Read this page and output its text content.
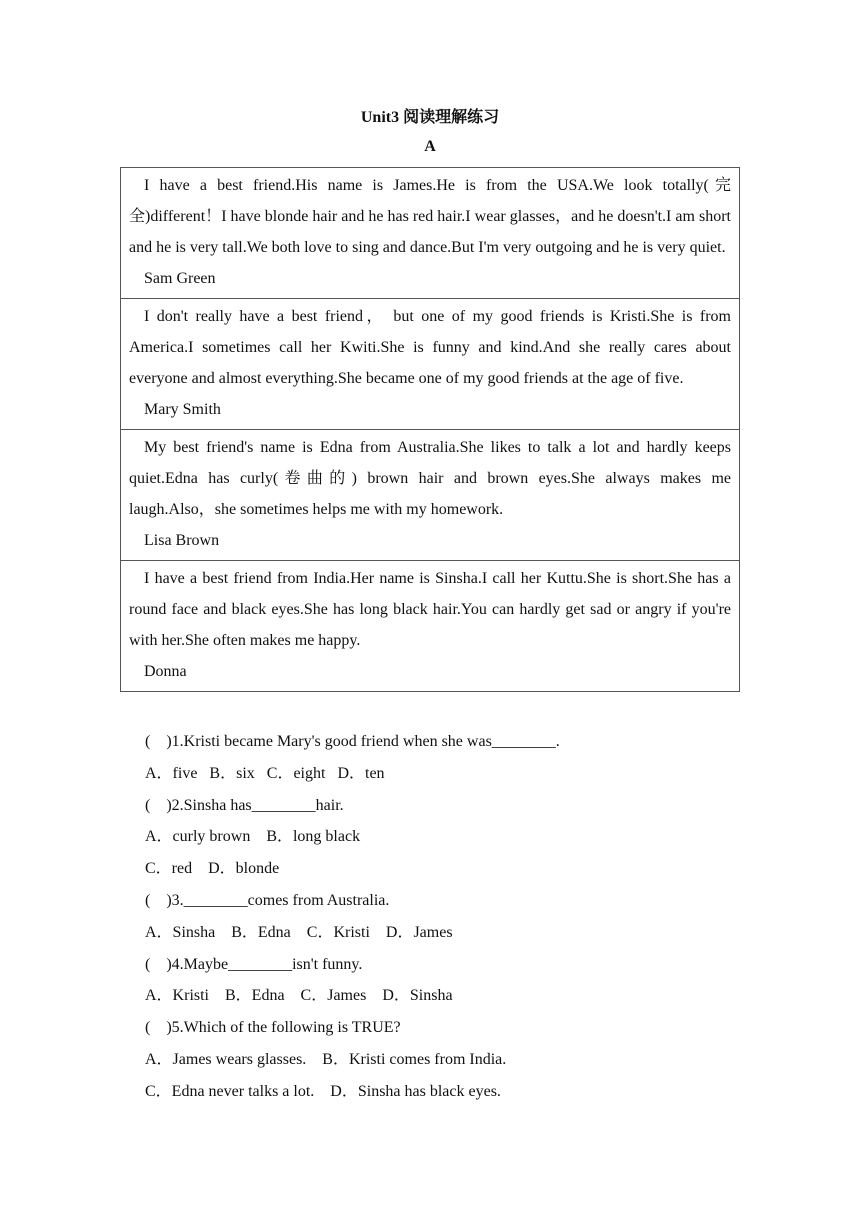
Unit3 阅读理解练习
A
I have a best friend.His name is James.He is from the USA.We look totally(完全)different！I have blonde hair and he has red hair.I wear glasses，and he doesn't.I am short and he is very tall.We both love to sing and dance.But I'm very outgoing and he is very quiet.
Sam Green
I don't really have a best friend， but one of my good friends is Kristi.She is from America.I sometimes call her Kwiti.She is funny and kind.And she really cares about everyone and almost everything.She became one of my good friends at the age of five.
Mary Smith
My best friend's name is Edna from Australia.She likes to talk a lot and hardly keeps quiet.Edna has curly(卷曲的) brown hair and brown eyes.She always makes me laugh.Also，she sometimes helps me with my homework.
Lisa Brown
I have a best friend from India.Her name is Sinsha.I call her Kuttu.She is short.She has a round face and black eyes.She has long black hair.You can hardly get sad or angry if you're with her.She often makes me happy.
Donna
(    )1.Kristi became Mary's good friend when she was________.
A．five   B．six   C．eight   D．ten
(    )2.Sinsha has________hair.
A．curly brown    B．long black
C．red    D．blonde
(    )3.________comes from Australia.
A．Sinsha    B．Edna    C．Kristi    D．James
(    )4.Maybe________isn't funny.
A．Kristi    B．Edna    C．James    D．Sinsha
(    )5.Which of the following is TRUE?
A．James wears glasses.    B．Kristi comes from India.
C．Edna never talks a lot.    D．Sinsha has black eyes.
